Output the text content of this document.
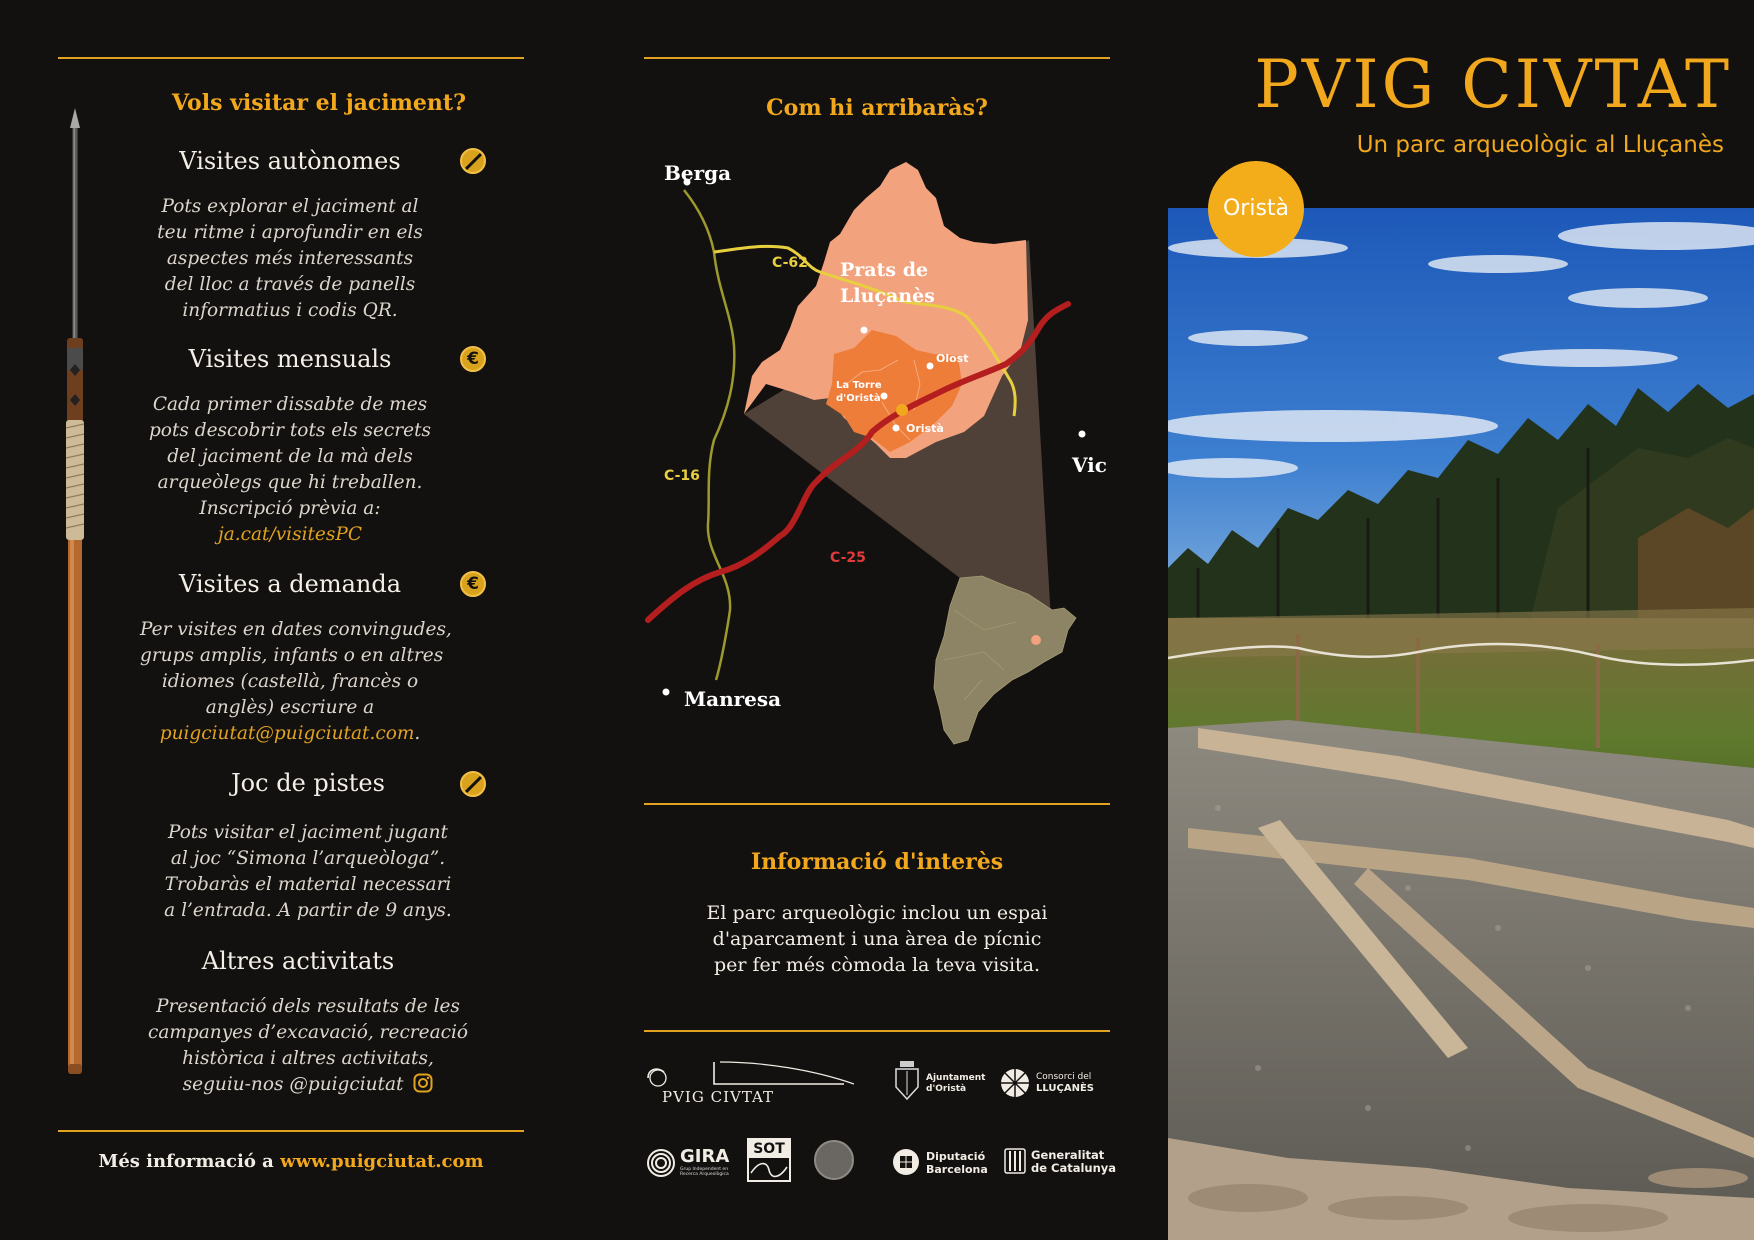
Vols visitar el jaciment?
Visites autònomes
Pots explorar el jaciment al
teu ritme i aprofundir en els
aspectes més interessants
del lloc a través de panells
informatius i codis QR.
Visites mensuals	€
Cada primer dissabte de mes
pots descobrir tots els secrets
del jaciment de la mà dels
arqueòlegs que hi treballen.
Inscripció prèvia a:
ja.cat/visitesPC
Visites a demanda	€
Per visites en dates convingudes,
grups amplis, infants o en altres
idiomes (castellà, francès o
anglès) escriure a
puigciutat@puigciutat.com.
Joc de pistes
Pots visitar el jaciment jugant
al joc “Simona l’arqueòloga”.
Trobaràs el material necessari
a l’entrada. A partir de 9 anys.
Altres activitats
Presentació dels resultats de les
campanyes d’excavació, recreació
històrica i altres activitats,
seguiu-nos @puigciutat
Més informació a www.puigciutat.com
Com hi arribaràs?
Berga
Prats de
Lluçanès
Olost
La Torre
d'Oristà
Oristà
Vic
Manresa
C-62
C-16
C-25
Informació d'interès
El parc arqueològic inclou un espai
d'aparcament i una àrea de pícnic
per fer més còmoda la teva visita.
PVIG CIVTAT
Ajuntament
d'Oristà
Consorci del
LLUÇANÈS
GIRA
Grup Independent en
Recerca Arqueològica
SOT	Diputació
Barcelona
Generalitat
de Catalunya
PVIG CIVTAT
Un parc arqueològic al Lluçanès
Oristà
